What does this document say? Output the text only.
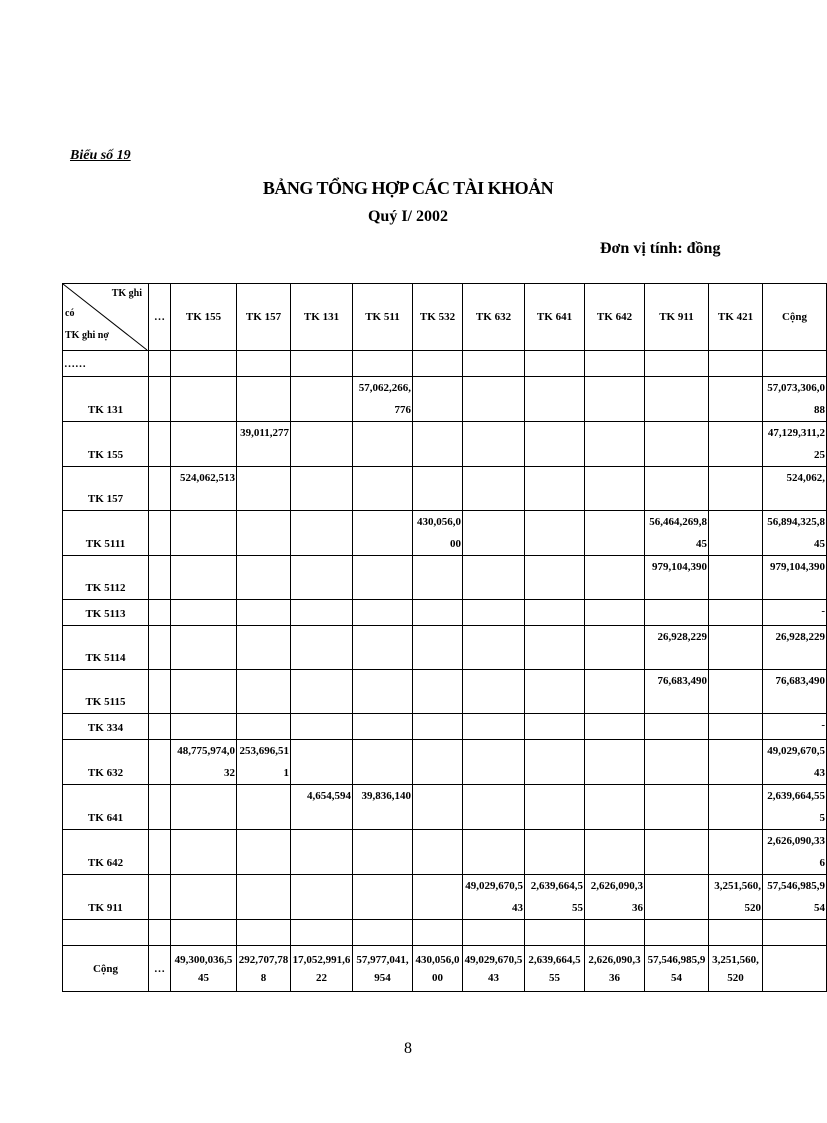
Biểu số 19
BẢNG TỔNG HỢP CÁC TÀI KHOẢN
Quý I/ 2002
Đơn vị tính: đồng
TK ghi
có
TK ghi nợ	…	TK 155	TK 157	TK 131	TK 511	TK 532	TK 632	TK 641	TK 642	TK 911	TK 421	Cộng
……	

TK 131					57,062,266,776							57,073,306,088

TK 155			39,011,277									47,129,311,225

TK 157		524,062,513										524,062,

TK 5111						430,056,000				56,464,269,845		56,894,325,845

TK 5112										979,104,390		979,104,390

TK 5113												-

TK 5114										26,928,229		26,928,229

TK 5115										76,683,490		76,683,490

TK 334												-

TK 632		48,775,974,032	253,696,511									49,029,670,543

TK 641				4,654,594	39,836,140							2,639,664,555

TK 642												2,626,090,336

TK 911							49,029,670,543	2,639,664,555	2,626,090,336		3,251,560,520	57,546,985,954

Cộng	…	49,300,036,545	292,707,788	17,052,991,622	57,977,041,954	430,056,000	49,029,670,543	2,639,664,555	2,626,090,336	57,546,985,954	3,251,560,520	

8
